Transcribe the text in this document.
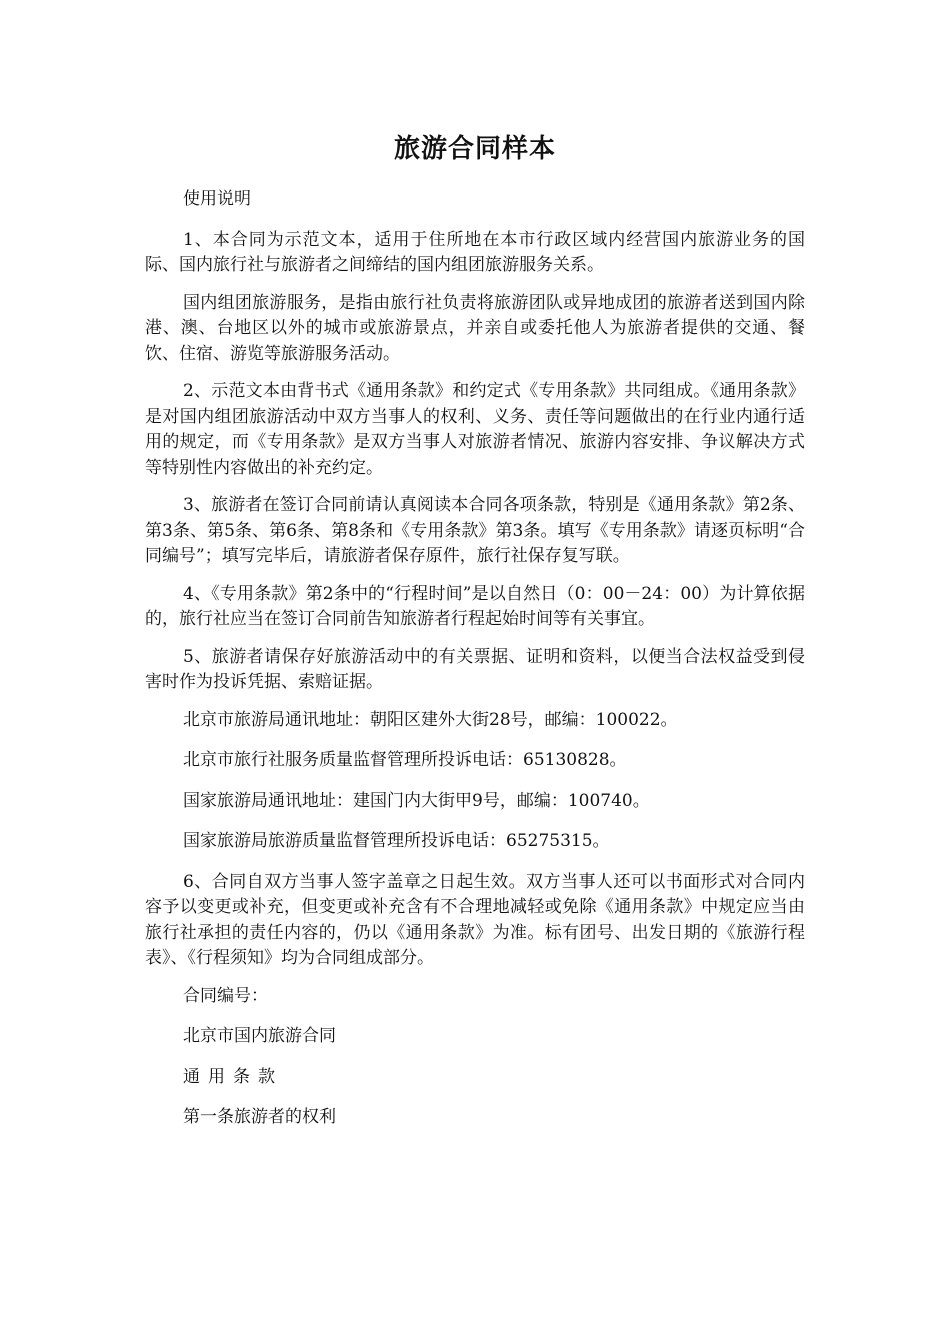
旅游合同样本

使用说明

1、本合同为示范文本，适用于住所地在本市行政区域内经营国内旅游业务的国际、国内旅行社与旅游者之间缔结的国内组团旅游服务关系。

国内组团旅游服务，是指由旅行社负责将旅游团队或异地成团的旅游者送到国内除港、澳、台地区以外的城市或旅游景点，并亲自或委托他人为旅游者提供的交通、餐饮、住宿、游览等旅游服务活动。

2、示范文本由背书式《通用条款》和约定式《专用条款》共同组成。《通用条款》是对国内组团旅游活动中双方当事人的权利、义务、责任等问题做出的在行业内通行适用的规定，而《专用条款》是双方当事人对旅游者情况、旅游内容安排、争议解决方式等特别性内容做出的补充约定。

3、旅游者在签订合同前请认真阅读本合同各项条款，特别是《通用条款》第2条、第3条、第5条、第6条、第8条和《专用条款》第3条。填写《专用条款》请逐页标明“合同编号”；填写完毕后，请旅游者保存原件，旅行社保存复写联。

4、《专用条款》第2条中的“行程时间”是以自然日（0：00－24：00）为计算依据的，旅行社应当在签订合同前告知旅游者行程起始时间等有关事宜。

5、旅游者请保存好旅游活动中的有关票据、证明和资料，以便当合法权益受到侵害时作为投诉凭据、索赔证据。

北京市旅游局通讯地址：朝阳区建外大街28号，邮编：100022。

北京市旅行社服务质量监督管理所投诉电话：65130828。

国家旅游局通讯地址：建国门内大街甲9号，邮编：100740。

国家旅游局旅游质量监督管理所投诉电话：65275315。

6、合同自双方当事人签字盖章之日起生效。双方当事人还可以书面形式对合同内容予以变更或补充，但变更或补充含有不合理地减轻或免除《通用条款》中规定应当由旅行社承担的责任内容的，仍以《通用条款》为准。标有团号、出发日期的《旅游行程表》、《行程须知》均为合同组成部分。

合同编号：

北京市国内旅游合同

通用条款

第一条旅游者的权利
